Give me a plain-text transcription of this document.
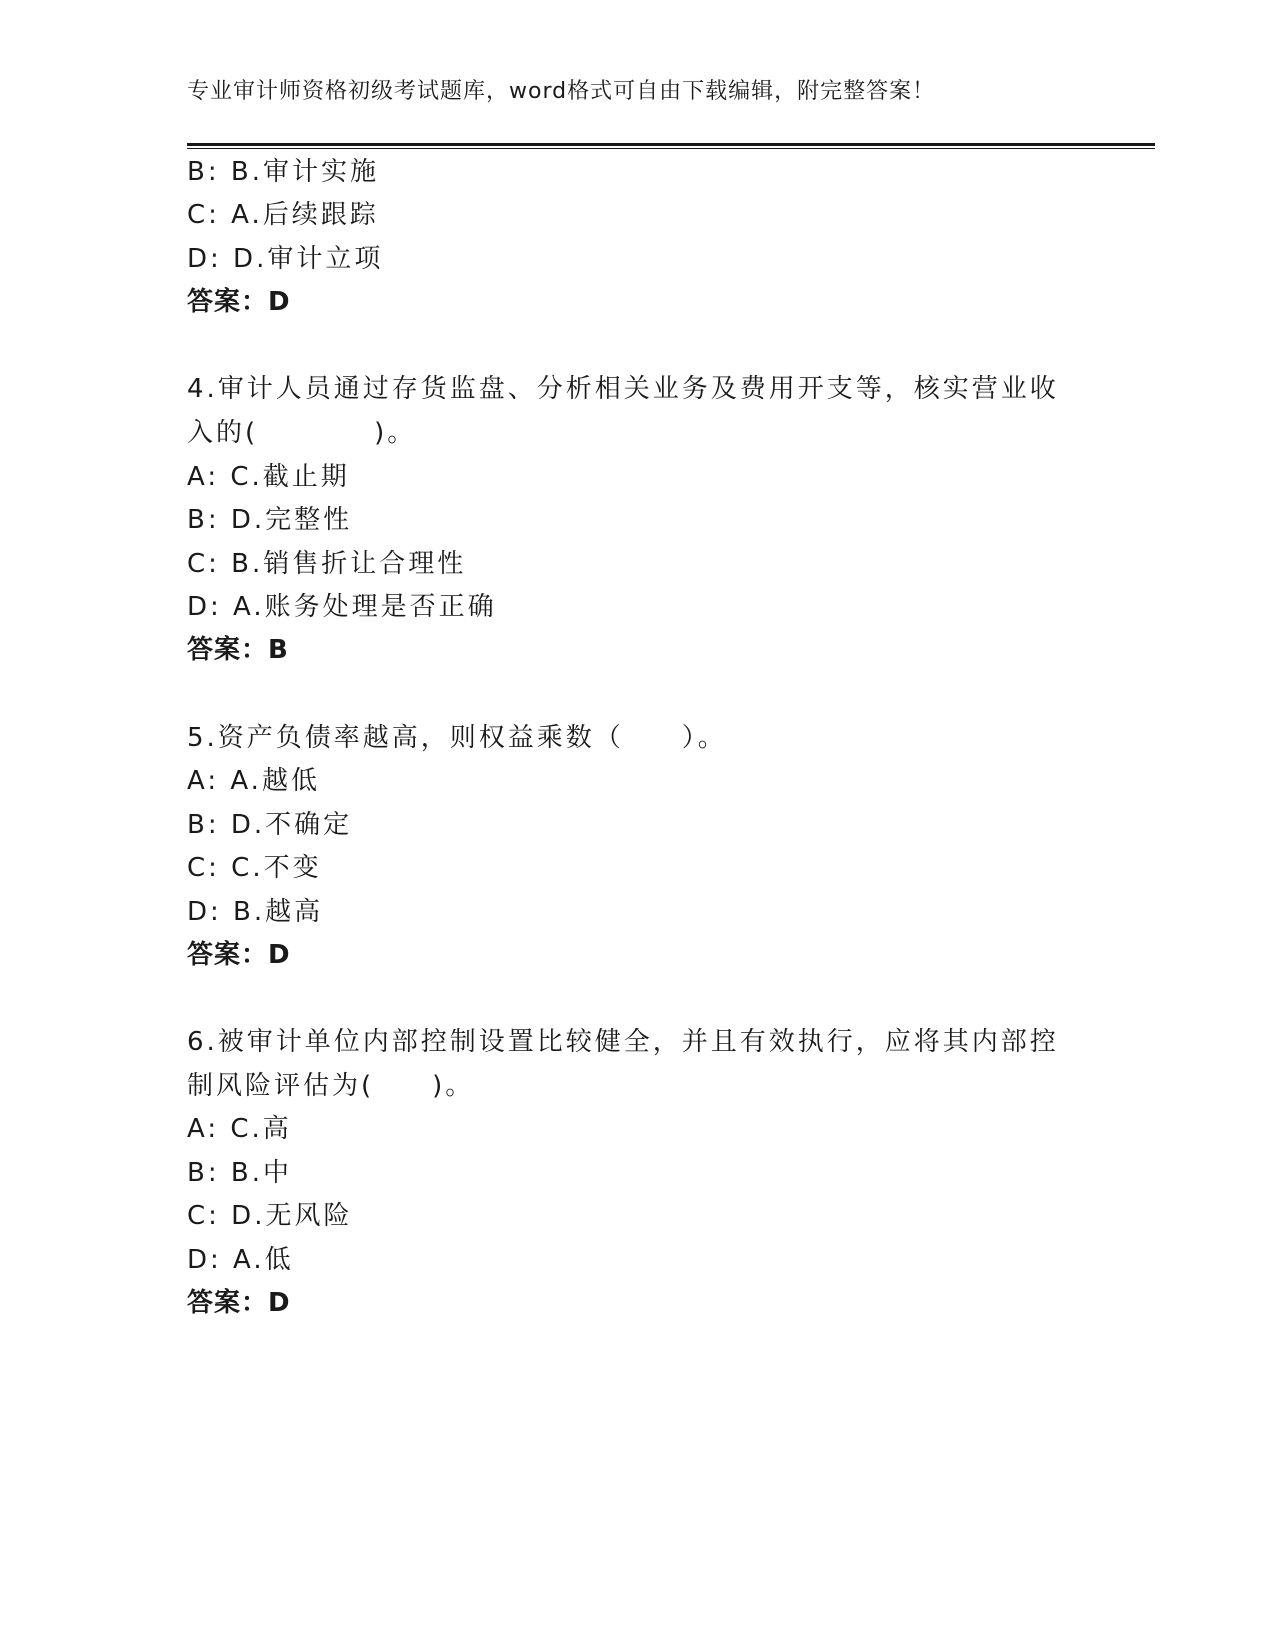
专业审计师资格初级考试题库，word格式可自由下载编辑，附完整答案！
B: B.审计实施
C: A.后续跟踪
D: D.审计立项
答案：D
4.审计人员通过存货监盘、分析相关业务及费用开支等，核实营业收
入的(　　　　)。
A: C.截止期
B: D.完整性
C: B.销售折让合理性
D: A.账务处理是否正确
答案：B
5.资产负债率越高，则权益乘数（　　）。
A: A.越低
B: D.不确定
C: C.不变
D: B.越高
答案：D
6.被审计单位内部控制设置比较健全，并且有效执行，应将其内部控
制风险评估为(　　)。
A: C.高
B: B.中
C: D.无风险
D: A.低
答案：D
